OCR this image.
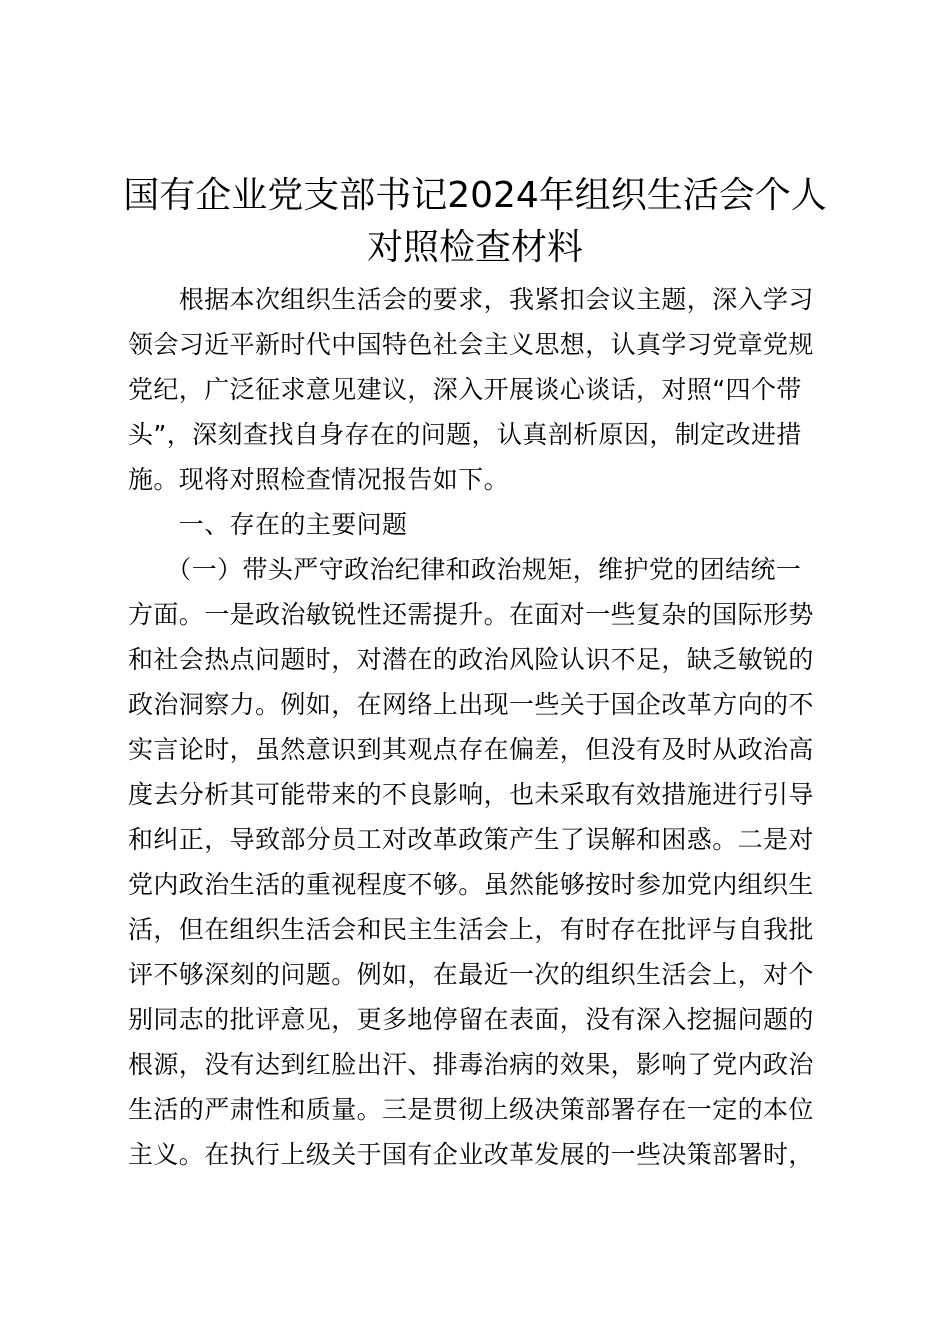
国有企业党支部书记2024年组织生活会个人
对照检查材料
　　根据本次组织生活会的要求，我紧扣会议主题，深入学习
领会习近平新时代中国特色社会主义思想，认真学习党章党规
党纪，广泛征求意见建议，深入开展谈心谈话，对照“四个带
头”，深刻查找自身存在的问题，认真剖析原因，制定改进措
施。现将对照检查情况报告如下。
　　一、存在的主要问题
　　（一）带头严守政治纪律和政治规矩，维护党的团结统一
方面。一是政治敏锐性还需提升。在面对一些复杂的国际形势
和社会热点问题时，对潜在的政治风险认识不足，缺乏敏锐的
政治洞察力。例如，在网络上出现一些关于国企改革方向的不
实言论时，虽然意识到其观点存在偏差，但没有及时从政治高
度去分析其可能带来的不良影响，也未采取有效措施进行引导
和纠正，导致部分员工对改革政策产生了误解和困惑。二是对
党内政治生活的重视程度不够。虽然能够按时参加党内组织生
活，但在组织生活会和民主生活会上，有时存在批评与自我批
评不够深刻的问题。例如，在最近一次的组织生活会上，对个
别同志的批评意见，更多地停留在表面，没有深入挖掘问题的
根源，没有达到红脸出汗、排毒治病的效果，影响了党内政治
生活的严肃性和质量。三是贯彻上级决策部署存在一定的本位
主义。在执行上级关于国有企业改革发展的一些决策部署时，
